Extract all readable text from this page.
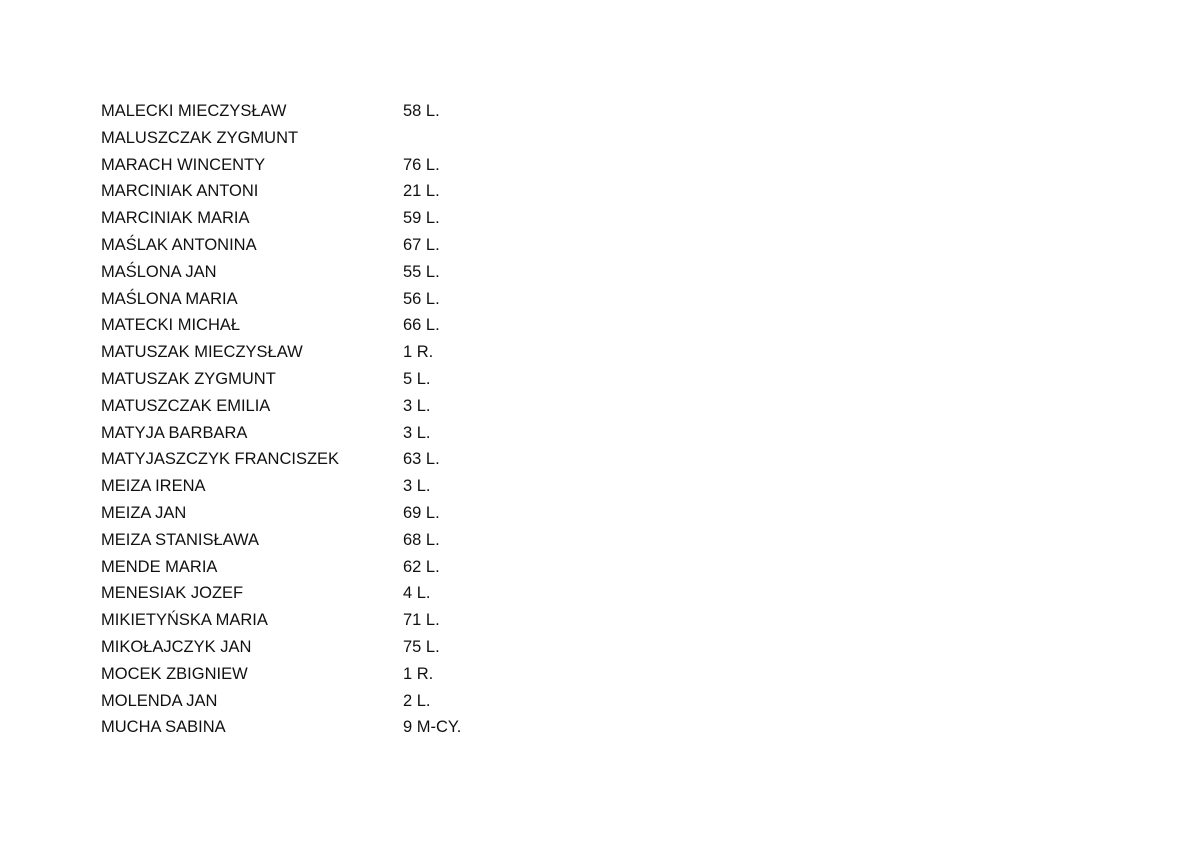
MALECKI MIECZYSŁAW	58 L.
MALUSZCZAK ZYGMUNT
MARACH WINCENTY	76 L.
MARCINIAK ANTONI	21 L.
MARCINIAK MARIA	59 L.
MAŚLAK ANTONINA	67 L.
MAŚLONA JAN	55 L.
MAŚLONA MARIA	56 L.
MATECKI MICHAŁ	66 L.
MATUSZAK MIECZYSŁAW	1 R.
MATUSZAK ZYGMUNT	5 L.
MATUSZCZAK EMILIA	3 L.
MATYJA BARBARA	3 L.
MATYJASZCZYK FRANCISZEK	63 L.
MEIZA IRENA	3 L.
MEIZA JAN	69 L.
MEIZA STANISŁAWA	68 L.
MENDE MARIA	62 L.
MENESIAK JOZEF	4 L.
MIKIETYŃSKA MARIA	71 L.
MIKOŁAJCZYK JAN	75 L.
MOCEK ZBIGNIEW	1 R.
MOLENDA JAN	2 L.
MUCHA SABINA	9 M-CY.
